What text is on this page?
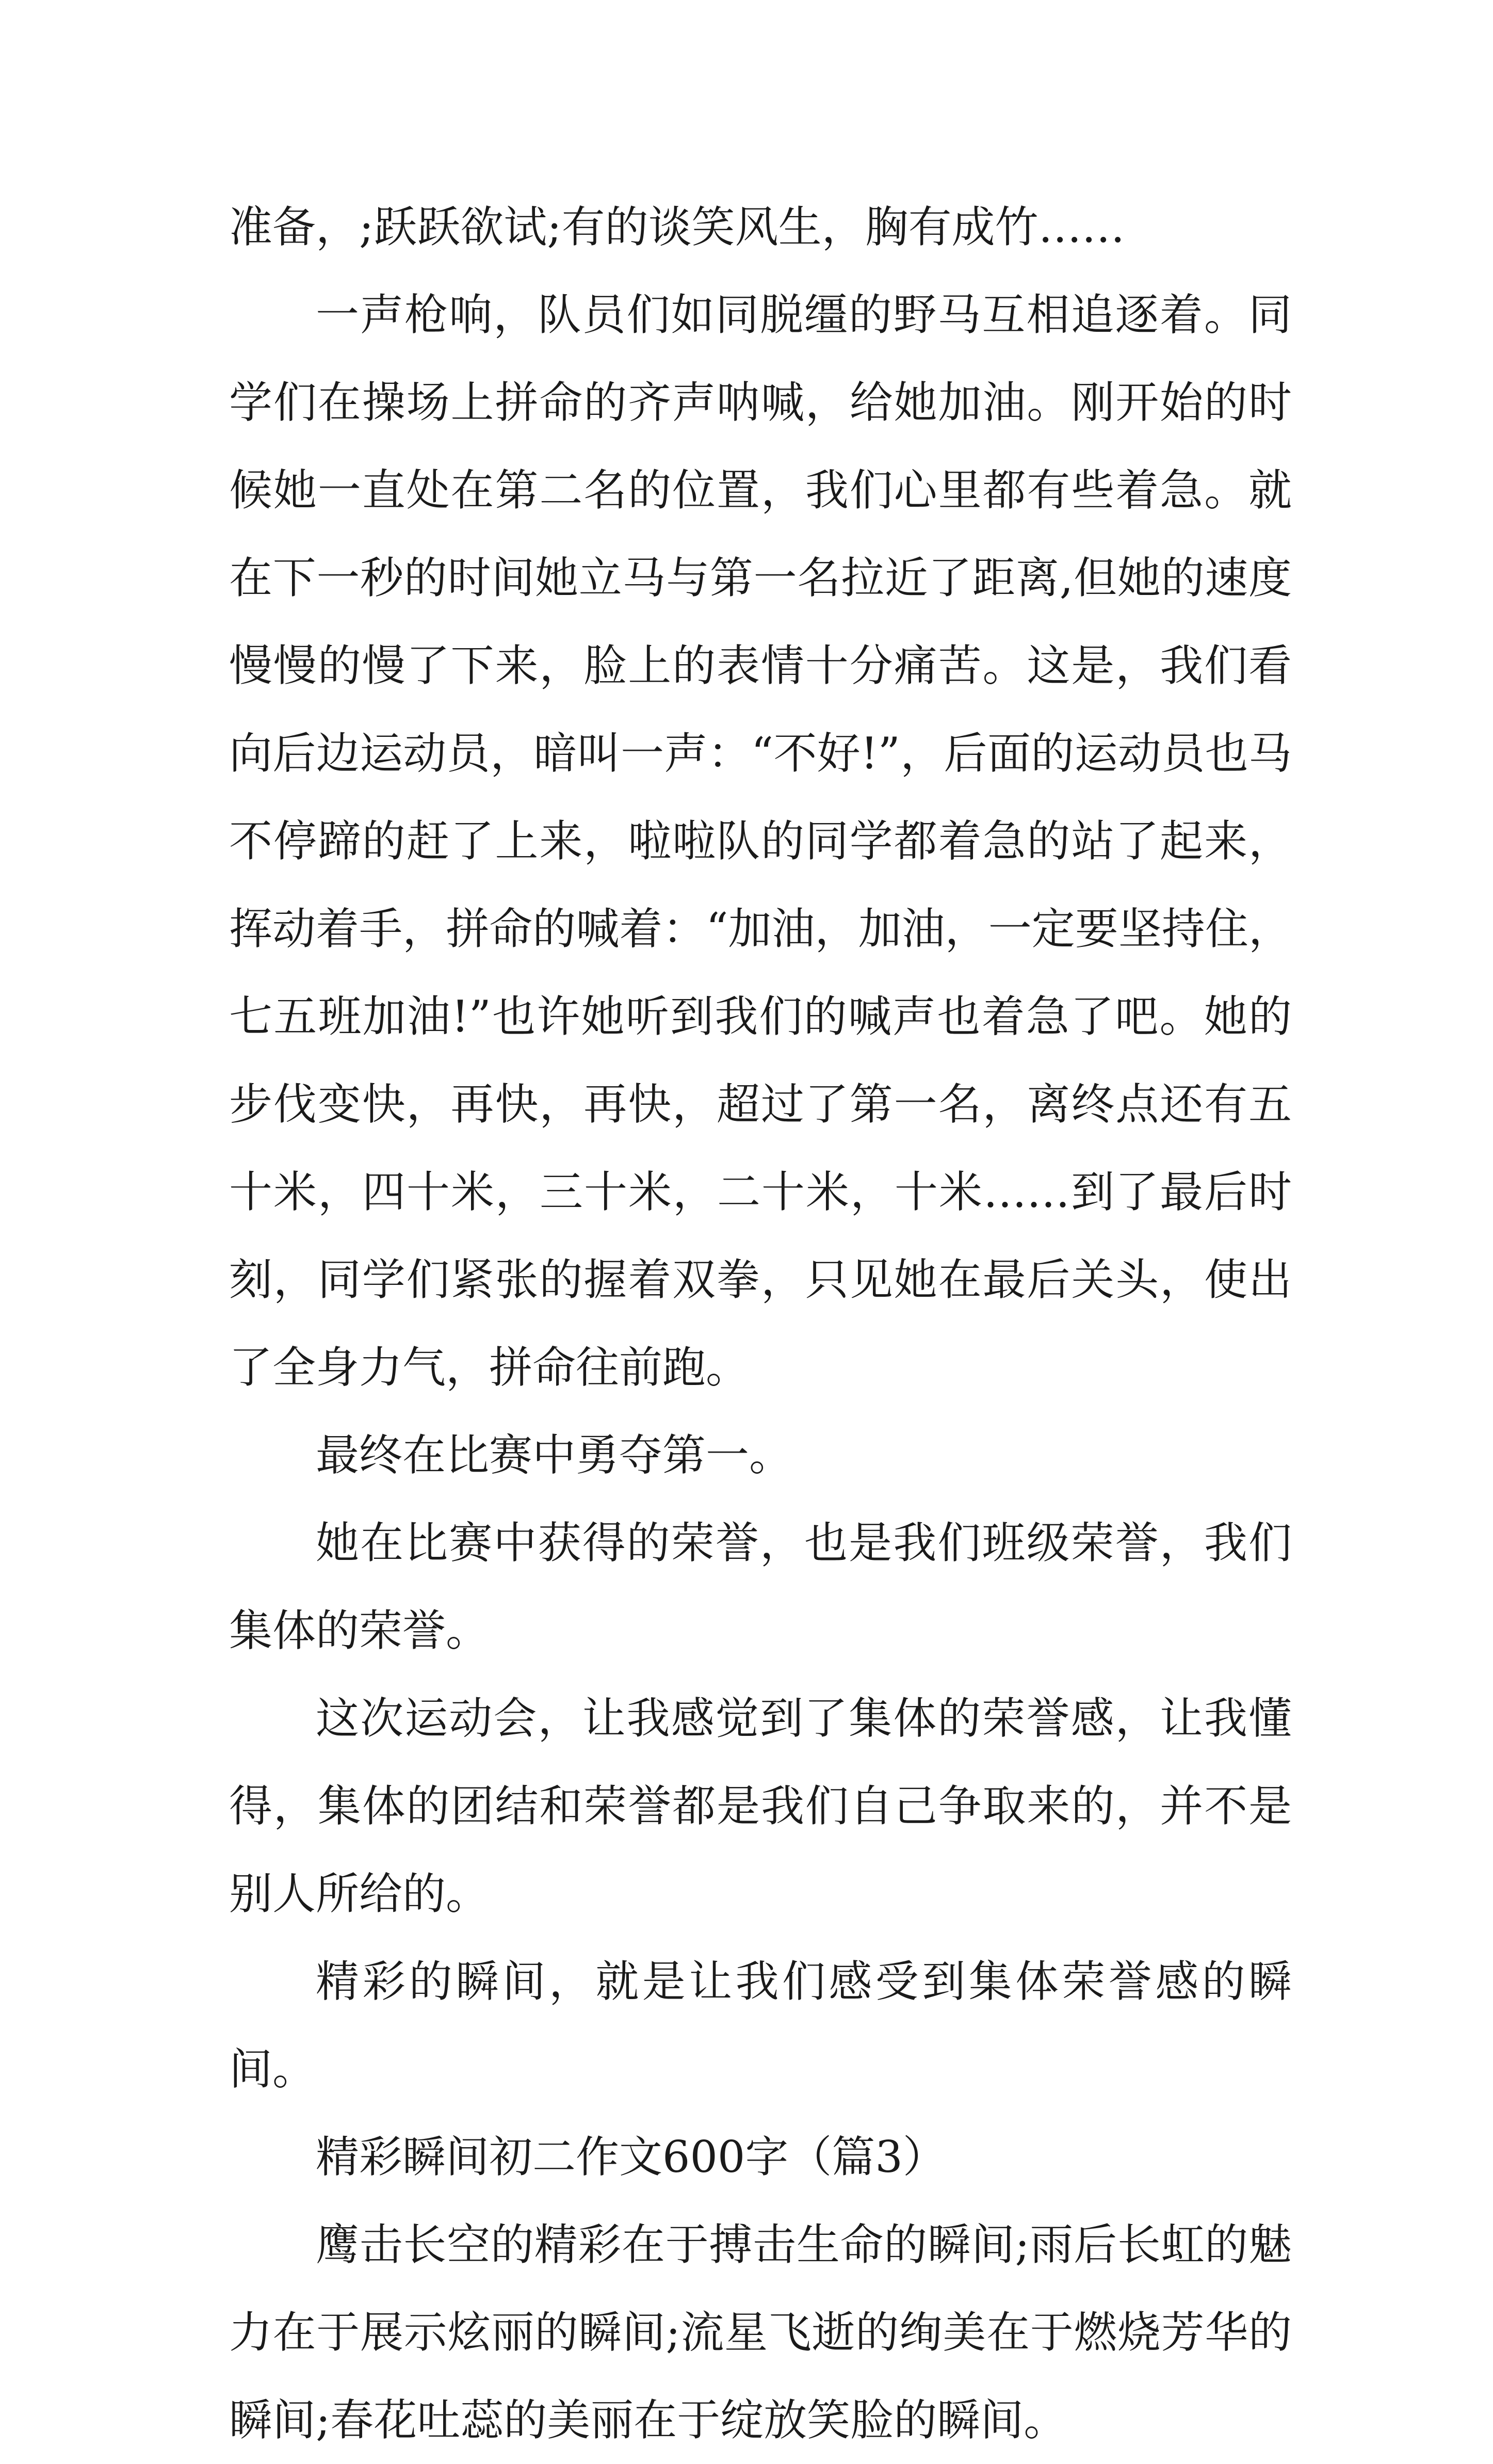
准备，;跃跃欲试;有的谈笑风生，胸有成竹……

一声枪响，队员们如同脱缰的野马互相追逐着。同学们在操场上拼命的齐声呐喊，给她加油。刚开始的时候她一直处在第二名的位置，我们心里都有些着急。就在下一秒的时间她立马与第一名拉近了距离,但她的速度慢慢的慢了下来，脸上的表情十分痛苦。这是，我们看向后边运动员，暗叫一声：“不好!”，后面的运动员也马不停蹄的赶了上来，啦啦队的同学都着急的站了起来，挥动着手，拼命的喊着：“加油，加油，一定要坚持住，七五班加油!”也许她听到我们的喊声也着急了吧。她的步伐变快，再快，再快，超过了第一名，离终点还有五十米，四十米，三十米，二十米，十米……到了最后时刻，同学们紧张的握着双拳，只见她在最后关头，使出了全身力气，拼命往前跑。

最终在比赛中勇夺第一。

她在比赛中获得的荣誉，也是我们班级荣誉，我们集体的荣誉。

这次运动会，让我感觉到了集体的荣誉感，让我懂得，集体的团结和荣誉都是我们自己争取来的，并不是别人所给的。

精彩的瞬间，就是让我们感受到集体荣誉感的瞬间。

精彩瞬间初二作文600字（篇3）

鹰击长空的精彩在于搏击生命的瞬间;雨后长虹的魅力在于展示炫丽的瞬间;流星飞逝的绚美在于燃烧芳华的瞬间;春花吐蕊的美丽在于绽放笑脸的瞬间。
